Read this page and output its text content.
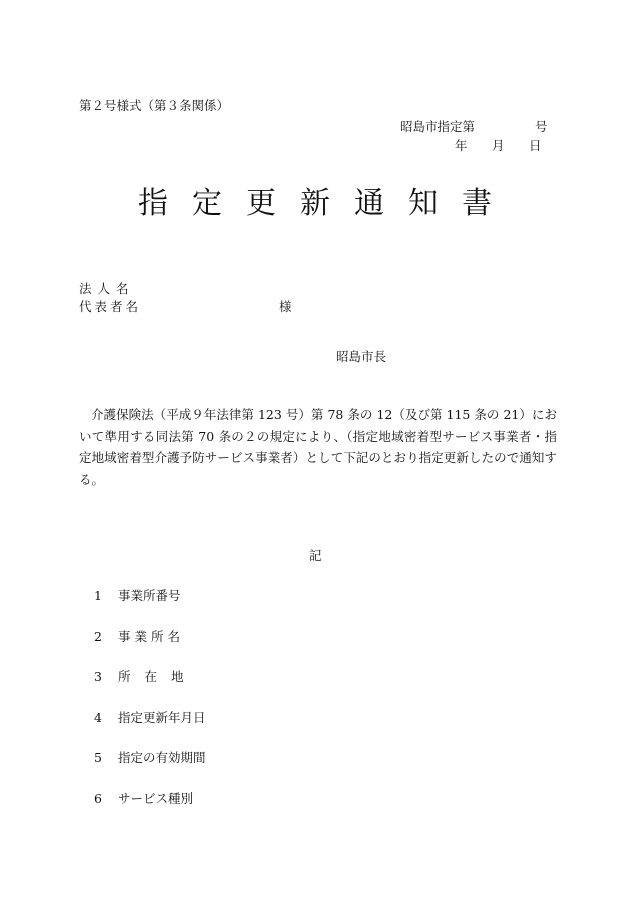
第２号様式（第３条関係）
昭島市指定第	号
年 月 日
指定更新通知書
法人名
代表者名	様
昭島市長
介護保険法（平成９年法律第 123 号）第 78 条の 12（及び第 115 条の 21）において準用する同法第 70 条の２の規定により、（指定地域密着型サービス事業者・指定地域密着型介護予防サービス事業者）として下記のとおり指定更新したので通知する。
記
1 事業所番号
2 事業所名
3 所在地
4 指定更新年月日
5 指定の有効期間
6 サービス種別
